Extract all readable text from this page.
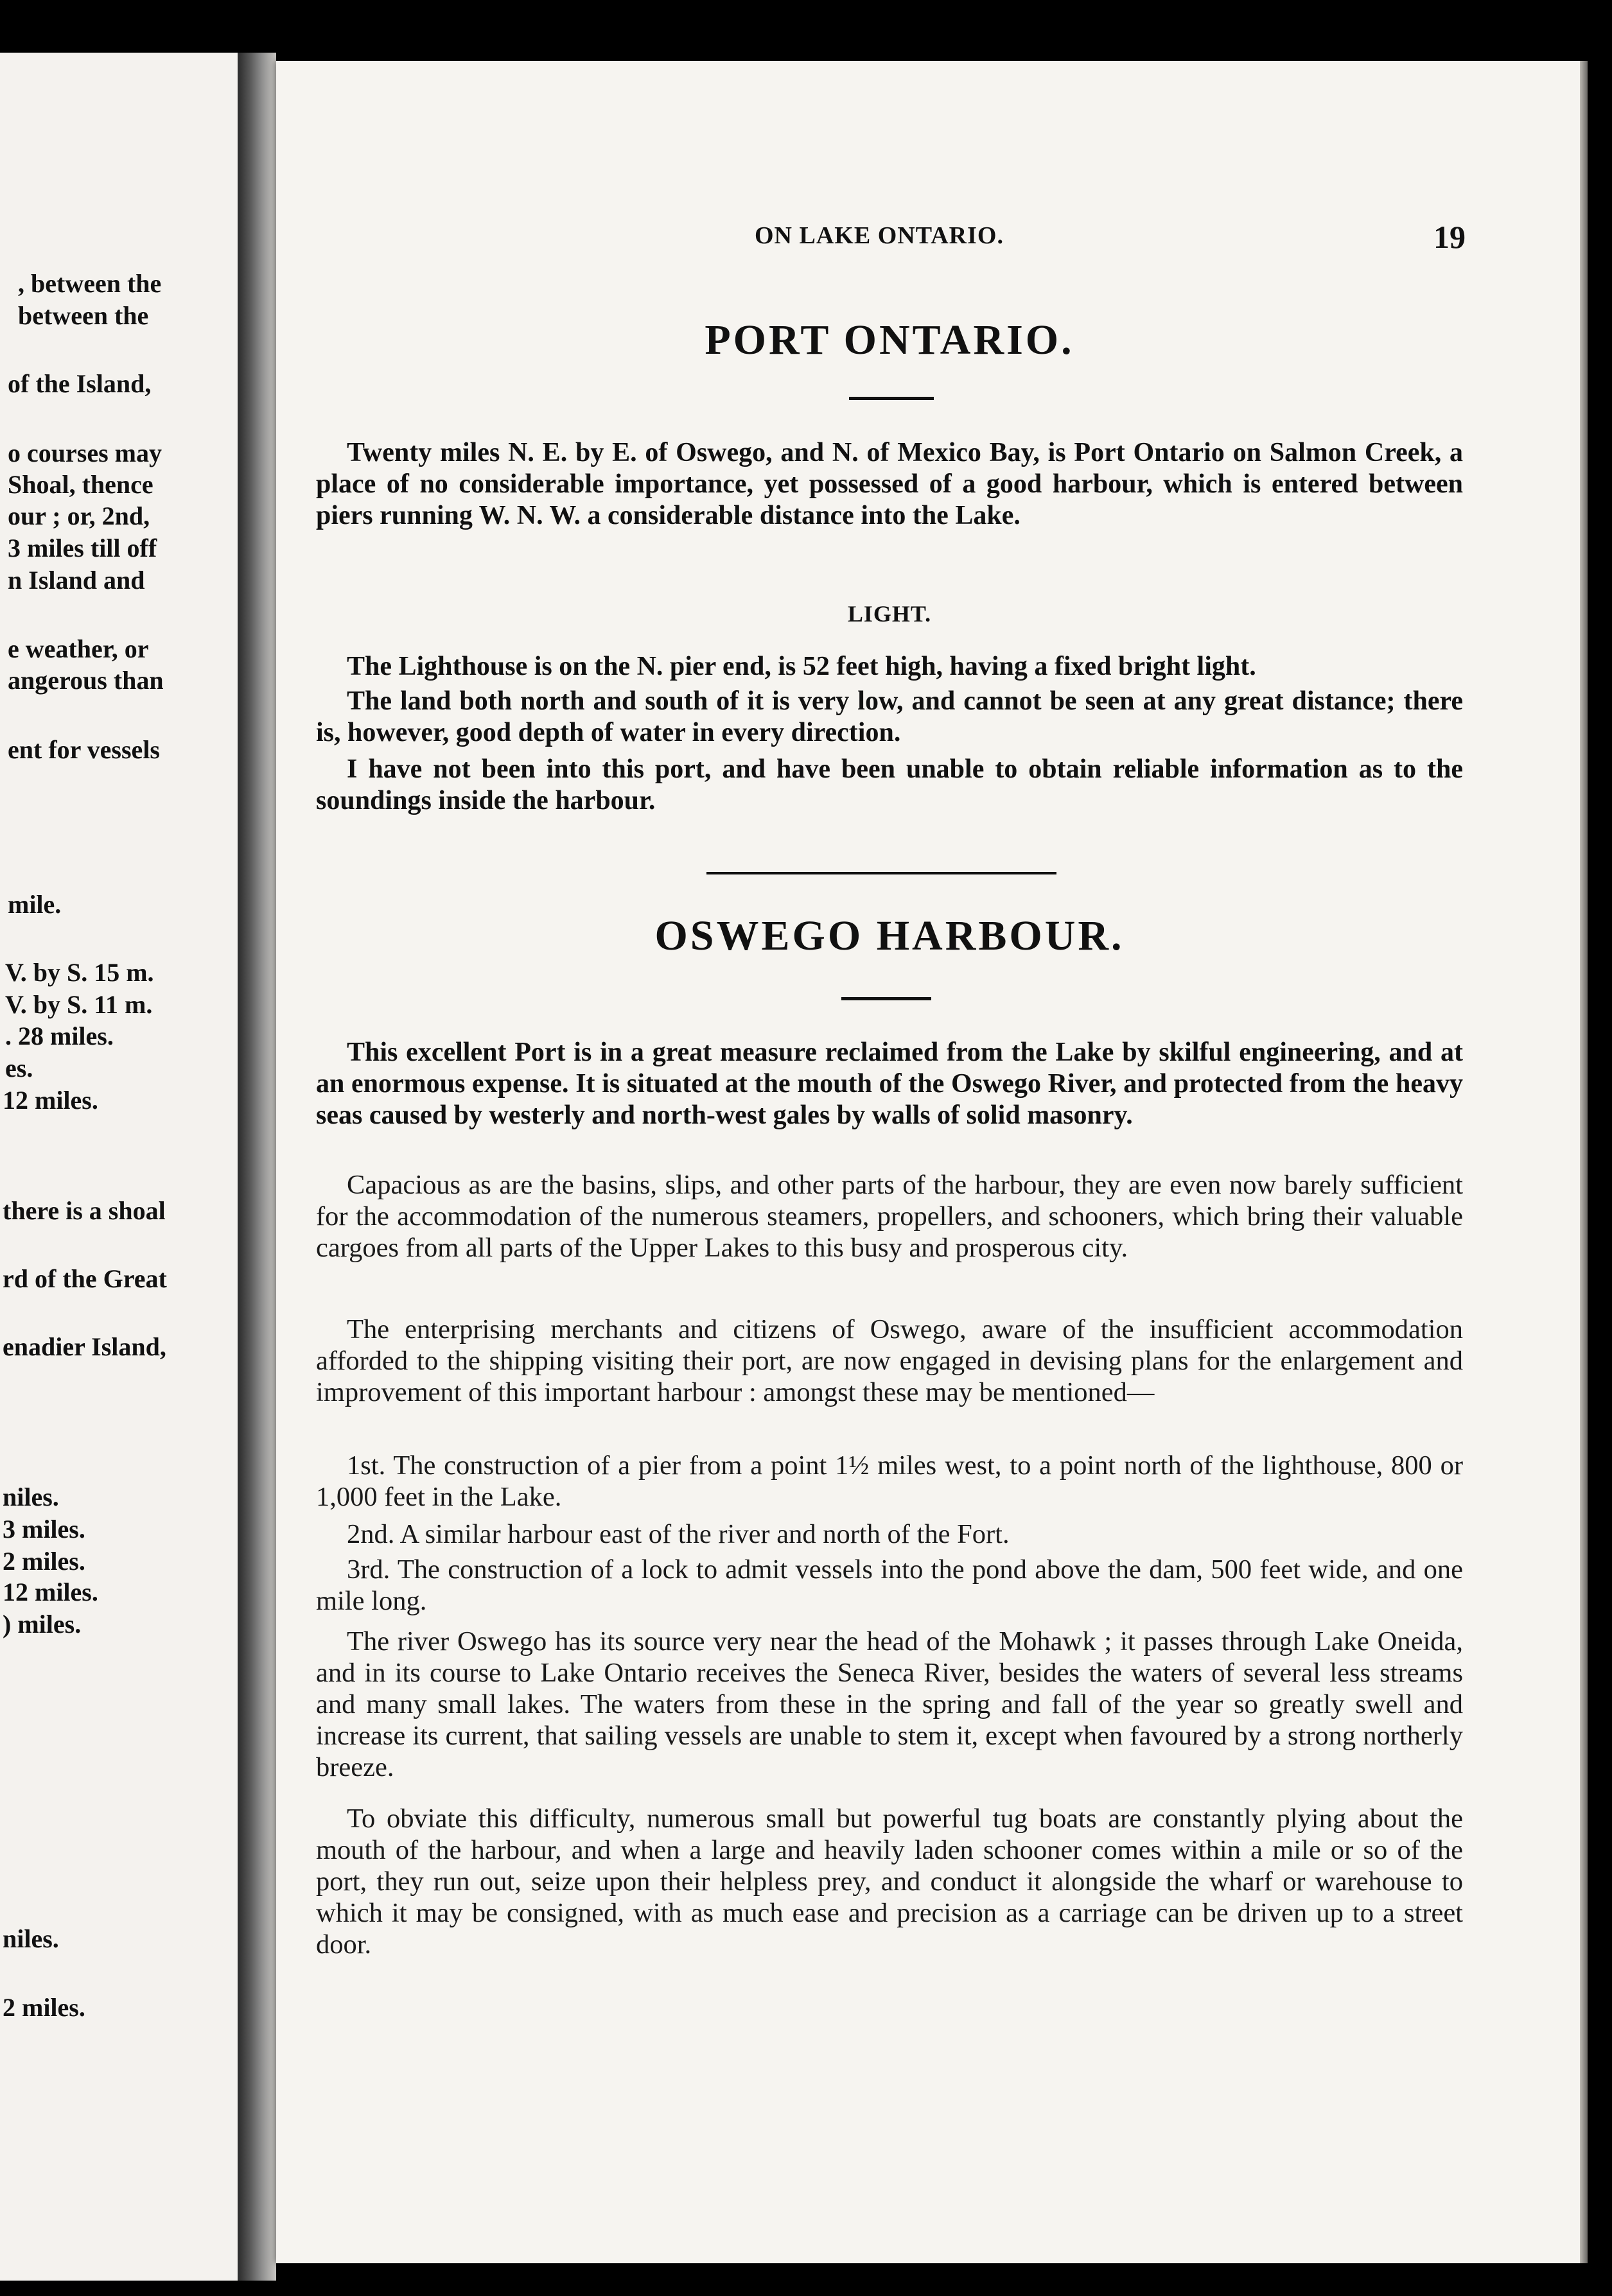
, between the
between the
of the Island,
o courses may
Shoal, thence
our ; or, 2nd,
3 miles till off
n Island and
e weather, or
angerous than
ent for vessels
mile.
V. by S. 15 m.
V. by S. 11 m.
. 28 miles.
es.
12 miles.
there is a shoal
rd of the Great
enadier Island,
niles.
3 miles.
2 miles.
12 miles.
) miles.
niles.
2 miles.
ON LAKE ONTARIO.	19
PORT ONTARIO.

Twenty miles N. E. by E. of Oswego, and N. of Mexico Bay, is Port Ontario on Salmon Creek, a place of no considerable importance, yet possessed of a good harbour, which is entered between piers running W. N. W. a considerable distance into the Lake.

LIGHT.

The Lighthouse is on the N. pier end, is 52 feet high, having a fixed bright light.

The land both north and south of it is very low, and cannot be seen at any great distance; there is, however, good depth of water in every direction.

I have not been into this port, and have been unable to obtain reliable information as to the soundings inside the harbour.

OSWEGO HARBOUR.

This excellent Port is in a great measure reclaimed from the Lake by skilful engineering, and at an enormous expense. It is situated at the mouth of the Oswego River, and protected from the heavy seas caused by westerly and north-west gales by walls of solid masonry.

Capacious as are the basins, slips, and other parts of the harbour, they are even now barely sufficient for the accommodation of the numerous steamers, propellers, and schooners, which bring their valuable cargoes from all parts of the Upper Lakes to this busy and prosperous city.

The enterprising merchants and citizens of Oswego, aware of the insufficient accommodation afforded to the shipping visiting their port, are now engaged in devising plans for the enlargement and improvement of this important harbour : amongst these may be mentioned—

1st. The construction of a pier from a point 1½ miles west, to a point north of the lighthouse, 800 or 1,000 feet in the Lake.

2nd. A similar harbour east of the river and north of the Fort.

3rd. The construction of a lock to admit vessels into the pond above the dam, 500 feet wide, and one mile long.

The river Oswego has its source very near the head of the Mohawk ; it passes through Lake Oneida, and in its course to Lake Ontario receives the Seneca River, besides the waters of several less streams and many small lakes. The waters from these in the spring and fall of the year so greatly swell and increase its current, that sailing vessels are unable to stem it, except when favoured by a strong northerly breeze.

To obviate this difficulty, numerous small but powerful tug boats are constantly plying about the mouth of the harbour, and when a large and heavily laden schooner comes within a mile or so of the port, they run out, seize upon their helpless prey, and conduct it alongside the wharf or warehouse to which it may be consigned, with as much ease and precision as a carriage can be driven up to a street door.
